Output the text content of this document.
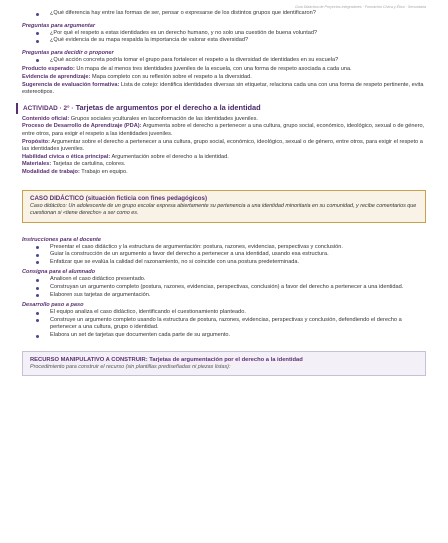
Guía Didáctica de Proyectos Integradores · Formación Cívica y Ética · Secundaria
¿Qué diferencia hay entre las formas de ser, pensar o expresarse de los distintos grupos que identificaron?
Preguntas para argumentar
¿Por qué el respeto a estas identidades es un derecho humano, y no solo una cuestión de buena voluntad?
¿Qué evidencia de su mapa respalda la importancia de valorar esta diversidad?
Preguntas para decidir o proponer
¿Qué acción concreta podría tomar el grupo para fortalecer el respeto a la diversidad de identidades en su escuela?
Producto esperado: Un mapa de al menos tres identidades juveniles de la escuela, con una forma de respeto asociada a cada una.
Evidencia de aprendizaje: Mapa completo con su reflexión sobre el respeto a la diversidad.
Sugerencia de evaluación formativa: Lista de cotejo: identifica identidades diversas sin etiquetar, relaciona cada una con una forma de respeto pertinente, evita estereotipos.
ACTIVIDAD · 2° · Tarjetas de argumentos por el derecho a la identidad
Contenido oficial: Grupos sociales yculturales en laconformación de las identidades juveniles.
Proceso de Desarrollo de Aprendizaje (PDA): Argumenta sobre el derecho a pertenecer a una cultura, grupo social, económico, ideológico, sexual o de género, entre otros, para exigir el respeto a las identidades juveniles.
Propósito: Argumentar sobre el derecho a pertenecer a una cultura, grupo social, económico, ideológico, sexual o de género, entre otros, para exigir el respeto a las identidades juveniles.
Habilidad cívica o ética principal: Argumentación sobre el derecho a la identidad.
Materiales: Tarjetas de cartulina, colores.
Modalidad de trabajo: Trabajo en equipo.
CASO DIDÁCTICO (situación ficticia con fines pedagógicos)
Caso didáctico: Un adolescente de un grupo escolar expresa abiertamente su pertenencia a una identidad minoritaria en su comunidad, y recibe comentarios que cuestionan si «tiene derecho» a ser como es.
Instrucciones para el docente
Presentar el caso didáctico y la estructura de argumentación: postura, razones, evidencias, perspectivas y conclusión.
Guiar la construcción de un argumento a favor del derecho a pertenecer a una identidad, usando esa estructura.
Enfatizar que se evalúa la calidad del razonamiento, no si coincide con una postura predeterminada.
Consigna para el alumnado
Analicen el caso didáctico presentado.
Construyan un argumento completo (postura, razones, evidencias, perspectivas, conclusión) a favor del derecho a pertenecer a una identidad.
Elaboren sus tarjetas de argumentación.
Desarrollo paso a paso
El equipo analiza el caso didáctico, identificando el cuestionamiento planteado.
Construye un argumento completo usando la estructura de postura, razones, evidencias, perspectivas y conclusión, defendiendo el derecho a pertenecer a una cultura, grupo o identidad.
Elabora un set de tarjetas que documenten cada parte de su argumento.
RECURSO MANIPULATIVO A CONSTRUIR: Tarjetas de argumentación por el derecho a la identidad
Procedimiento para construir el recurso (sin plantillas prediseñadas ni piezas listas):
